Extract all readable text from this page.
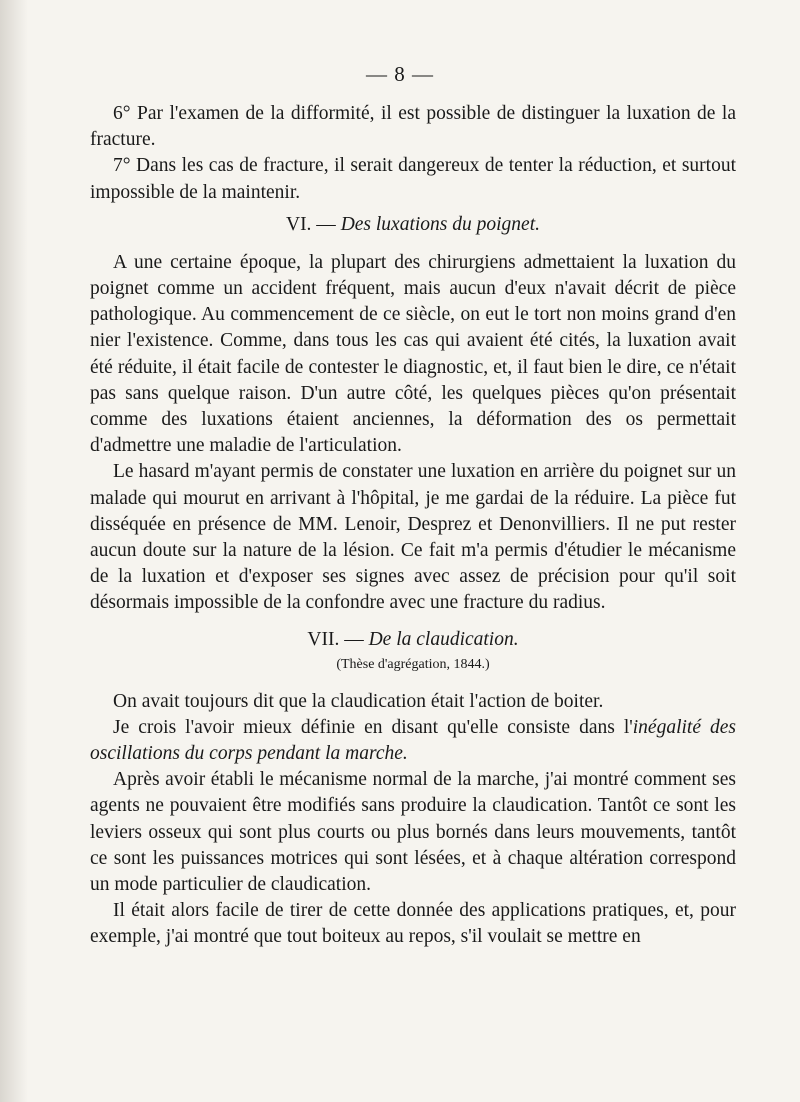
— 8 —

6° Par l'examen de la difformité, il est possible de distinguer la luxation de la fracture.

7° Dans les cas de fracture, il serait dangereux de tenter la réduction, et surtout impossible de la maintenir.

VI. — Des luxations du poignet.

A une certaine époque, la plupart des chirurgiens admettaient la luxation du poignet comme un accident fréquent, mais aucun d'eux n'avait décrit de pièce pathologique. Au commencement de ce siècle, on eut le tort non moins grand d'en nier l'existence. Comme, dans tous les cas qui avaient été cités, la luxation avait été réduite, il était facile de contester le diagnostic, et, il faut bien le dire, ce n'était pas sans quelque raison. D'un autre côté, les quelques pièces qu'on présentait comme des luxations étaient anciennes, la déformation des os permettait d'admettre une maladie de l'articulation.

Le hasard m'ayant permis de constater une luxation en arrière du poignet sur un malade qui mourut en arrivant à l'hôpital, je me gardai de la réduire. La pièce fut disséquée en présence de MM. Lenoir, Desprez et Denonvilliers. Il ne put rester aucun doute sur la nature de la lésion. Ce fait m'a permis d'étudier le mécanisme de la luxation et d'exposer ses signes avec assez de précision pour qu'il soit désormais impossible de la confondre avec une fracture du radius.

VII. — De la claudication.
(Thèse d'agrégation, 1844.)

On avait toujours dit que la claudication était l'action de boiter.

Je crois l'avoir mieux définie en disant qu'elle consiste dans l'inégalité des oscillations du corps pendant la marche.

Après avoir établi le mécanisme normal de la marche, j'ai montré comment ses agents ne pouvaient être modifiés sans produire la claudication. Tantôt ce sont les leviers osseux qui sont plus courts ou plus bornés dans leurs mouvements, tantôt ce sont les puissances motrices qui sont lésées, et à chaque altération correspond un mode particulier de claudication.

Il était alors facile de tirer de cette donnée des applications pratiques, et, pour exemple, j'ai montré que tout boiteux au repos, s'il voulait se mettre en
